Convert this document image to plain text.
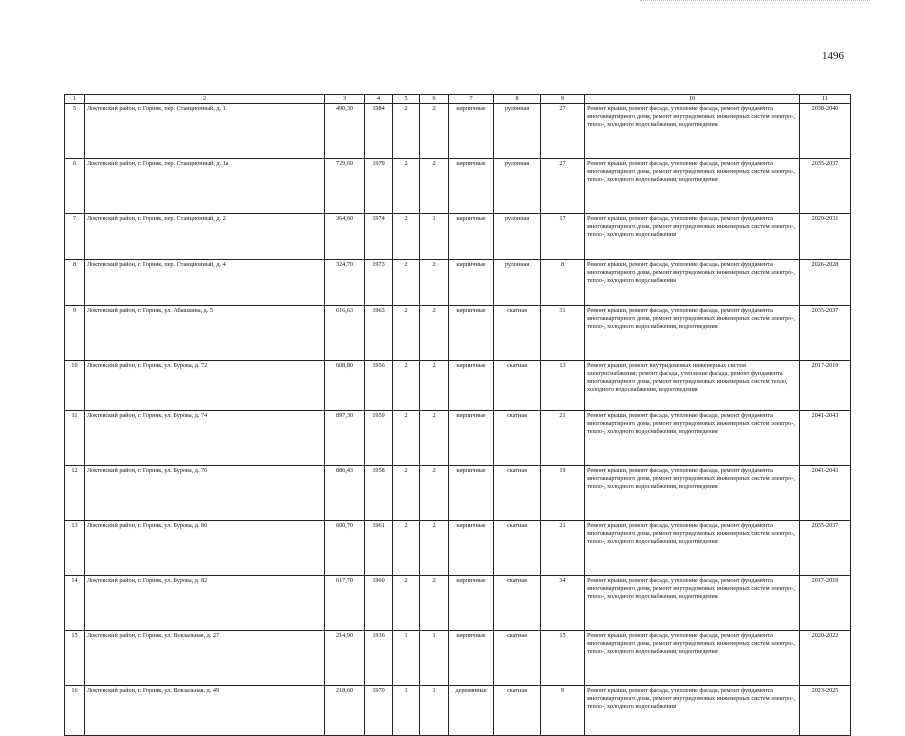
1496
1	2	3	4	5	6	7	8	9	10	11
5	Локтевский район, г. Горняк, пер. Станционный, д. 1	490,30	1984	2	2	кирпичные	рулонная	27	Ремонт крыши, ремонт фасада, утепление фасада, ремонт фундамента многоквартирного дома, ремонт внутридомовых инженерных систем электро-, тепло-, холодного водоснабжения, водоотведения	2038-2040
6	Локтевский район, г. Горняк, пер. Станционный, д. 1а	729,60	1979	2	2	кирпичные	рулонная	27	Ремонт крыши, ремонт фасада, утепление фасада, ремонт фундамента многоквартирного дома, ремонт внутридомовых инженерных систем электро-, тепло-, холодного водоснабжения, водоотведения	2035-2037
7	Локтевский район, г. Горняк, пер. Станционный, д. 2	364,60	1974	2	1	кирпичные	рулонная	17	Ремонт крыши, ремонт фасада, утепление фасада, ремонт фундамента многоквартирного дома, ремонт внутридомовых инженерных систем электро-, тепло-, холодного водоснабжения	2029-2031
8	Локтевский район, г. Горняк, пер. Станционный, д. 4	324,70	1973	2	2	кирпичные	рулонная	8	Ремонт крыши, ремонт фасада, утепление фасада, ремонт фундамента многоквартирного дома, ремонт внутридомовых инженерных систем электро-, тепло-, холодного водоснабжения	2026-2028
9	Локтевский район, г. Горняк, ул. Абашкина, д. 5	616,63	1963	2	2	кирпичные	скатная	31	Ремонт крыши, ремонт фасада, утепление фасада, ремонт фундамента многоквартирного дома, ремонт внутридомовых инженерных систем электро-, тепло-, холодного водоснабжения, водоотведения	2035-2037
10	Локтевский район, г. Горняк, ул. Бурова, д. 72	608,80	1956	2	2	кирпичные	скатная	13	Ремонт крыши, ремонт внутридомовых инженерных систем электроснабжения; ремонт фасада, утепление фасада, ремонт фундамента многоквартирного дома, ремонт внутридомовых инженерных систем тепло, холодного водоснабжения, водоотведения	2017-2019
11	Локтевский район, г. Горняк, ул. Бурова, д. 74	897,30	1959	2	2	кирпичные	скатная	21	Ремонт крыши, ремонт фасада, утепление фасада, ремонт фундамента многоквартирного дома, ремонт внутридомовых инженерных систем электро-, тепло-, холодного водоснабжения, водоотведения	2041-2043
12	Локтевский район, г. Горняк, ул. Бурова, д. 76	886,43	1958	2	2	кирпичные	скатная	19	Ремонт крыши, ремонт фасада, утепление фасада, ремонт фундамента многоквартирного дома, ремонт внутридомовых инженерных систем электро-, тепло-, холодного водоснабжения, водоотведения	2041-2043
13	Локтевский район, г. Горняк, ул. Бурова, д. 80	600,70	1961	2	2	кирпичные	скатная	21	Ремонт крыши, ремонт фасада, утепление фасада, ремонт фундамента многоквартирного дома, ремонт внутридомовых инженерных систем электро-, тепло-, холодного водоснабжения, водоотведения	2035-2037
14	Локтевский район, г. Горняк, ул. Бурова, д. 82	617,70	1960	2	2	кирпичные	скатная	34	Ремонт крыши, ремонт фасада, утепление фасада, ремонт фундамента многоквартирного дома, ремонт внутридомовых инженерных систем электро-, тепло-, холодного водоснабжения, водоотведения	2017-2019
15	Локтевский район, г. Горняк, ул. Вокзальная, д. 27	214,90	1936	1	1	кирпичные	скатная	15	Ремонт крыши, ремонт фасада, утепление фасада, ремонт фундамента многоквартирного дома, ремонт внутридомовых инженерных систем электро-, тепло-, холодного водоснабжения, водоотведения	2020-2022
16	Локтевский район, г. Горняк, ул. Вокзальная, д. 49	218,60	1970	1	1	деревянные	скатная	9	Ремонт крыши, ремонт фасада, утепление фасада, ремонт фундамента многоквартирного дома, ремонт внутридомовых инженерных систем электро-, тепло-, холодного водоснабжения	2023-2025
